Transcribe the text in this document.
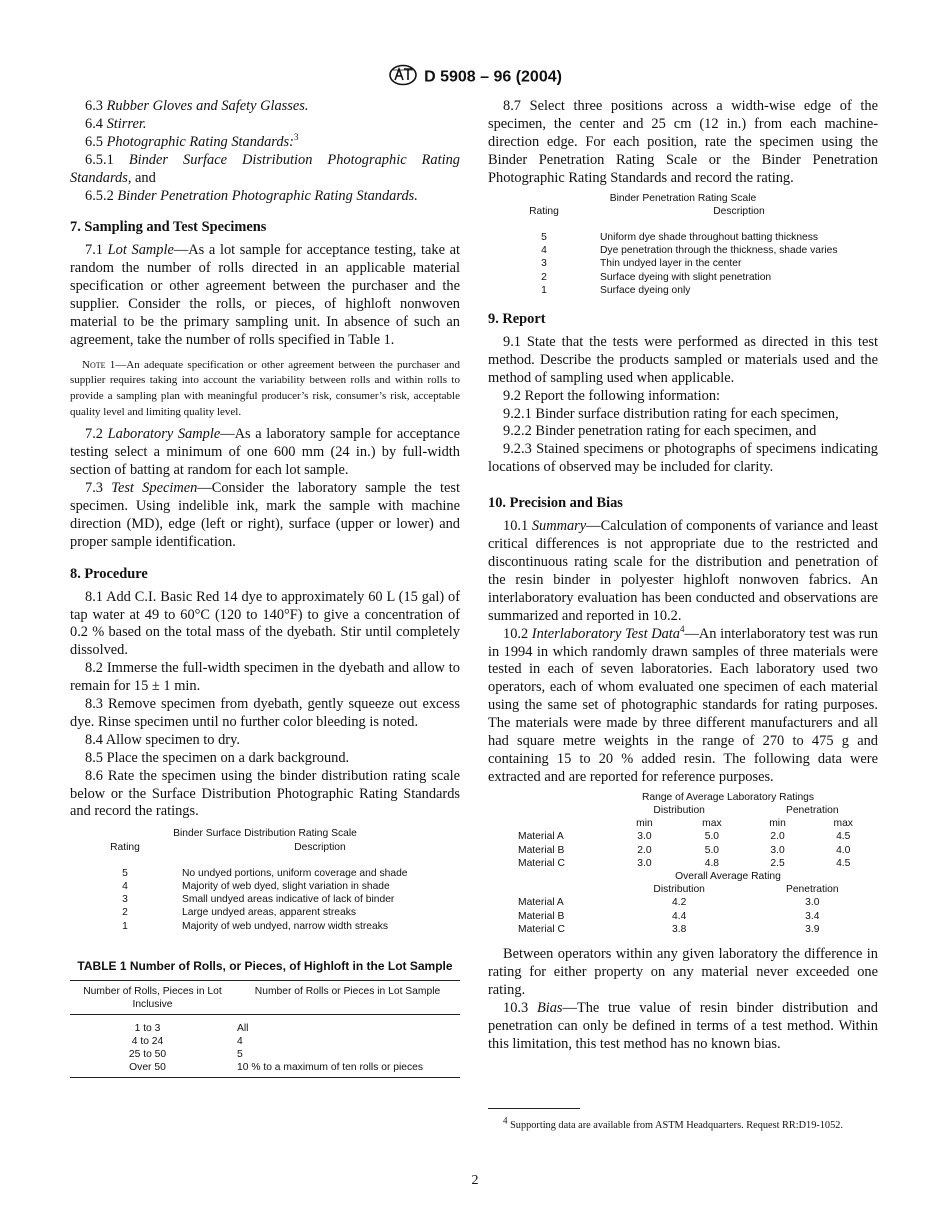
D 5908 – 96 (2004)

6.3 Rubber Gloves and Safety Glasses.

6.4 Stirrer.

6.5 Photographic Rating Standards:$^3$

6.5.1 Binder Surface Distribution Photographic Rating Standards, and

6.5.2 Binder Penetration Photographic Rating Standards.

7. Sampling and Test Specimens

7.1 Lot Sample—As a lot sample for acceptance testing, take at random the number of rolls directed in an applicable material specification or other agreement between the purchaser and the supplier. Consider the rolls, or pieces, of highloft nonwoven material to be the primary sampling unit. In absence of such an agreement, take the number of rolls specified in Table 1.

Note 1—An adequate specification or other agreement between the purchaser and supplier requires taking into account the variability between rolls and within rolls to provide a sampling plan with meaningful producer’s risk, consumer’s risk, acceptable quality level and limiting quality level.

7.2 Laboratory Sample—As a laboratory sample for acceptance testing select a minimum of one 600 mm (24 in.) by full-width section of batting at random for each lot sample.

7.3 Test Specimen—Consider the laboratory sample the test specimen. Using indelible ink, mark the sample with machine direction (MD), edge (left or right), surface (upper or lower) and proper sample identification.

8. Procedure

8.1 Add C.I. Basic Red 14 dye to approximately 60 L (15 gal) of tap water at 49 to 60°C (120 to 140°F) to give a concentration of 0.2 % based on the total mass of the dyebath. Stir until completely dissolved.

8.2 Immerse the full-width specimen in the dyebath and allow to remain for 15 ± 1 min.

8.3 Remove specimen from dyebath, gently squeeze out excess dye. Rinse specimen until no further color bleeding is noted.

8.4 Allow specimen to dry.

8.5 Place the specimen on a dark background.

8.6 Rate the specimen using the binder distribution rating scale below or the Surface Distribution Photographic Rating Standards and record the ratings.

Binder Surface Distribution Rating Scale
Rating	Description
5	No undyed portions, uniform coverage and shade
4	Majority of web dyed, slight variation in shade
3	Small undyed areas indicative of lack of binder
2	Large undyed areas, apparent streaks
1	Majority of web undyed, narrow width streaks
TABLE 1 Number of Rolls, or Pieces, of Highloft in the Lot Sample
Number of Rolls, Pieces in Lot Inclusive	Number of Rolls or Pieces in Lot Sample
1 to 3	All
4 to 24	4
25 to 50	5
Over 50	10 % to a maximum of ten rolls or pieces

8.7 Select three positions across a width-wise edge of the specimen, the center and 25 cm (12 in.) from each machine-direction edge. For each position, rate the specimen using the Binder Penetration Rating Scale or the Binder Penetration Photographic Rating Standards and record the rating.

Binder Penetration Rating Scale
Rating	Description
5	Uniform dye shade throughout batting thickness
4	Dye penetration through the thickness, shade varies
3	Thin undyed layer in the center
2	Surface dyeing with slight penetration
1	Surface dyeing only
9. Report

9.1 State that the tests were performed as directed in this test method. Describe the products sampled or materials used and the method of sampling used when applicable.

9.2 Report the following information:

9.2.1 Binder surface distribution rating for each specimen,

9.2.2 Binder penetration rating for each specimen, and

9.2.3 Stained specimens or photographs of specimens indicating locations of observed may be included for clarity.

10. Precision and Bias

10.1 Summary—Calculation of components of variance and least critical differences is not appropriate due to the restricted and discontinuous rating scale for the distribution and penetration of the resin binder in polyester highloft nonwoven fabrics. An interlaboratory evaluation has been conducted and observations are summarized and reported in 10.2.

10.2 Interlaboratory Test Data$^4$—An interlaboratory test was run in 1994 in which randomly drawn samples of three materials were tested in each of seven laboratories. Each laboratory used two operators, each of whom evaluated one specimen of each material using the same set of photographic standards for rating purposes. The materials were made by three different manufacturers and all had square metre weights in the range of 270 to 475 g and containing 15 to 20 % added resin. The following data were extracted and are reported for reference purposes.

Range of Average Laboratory Ratings				
	Distribution		Penetration	
	min	max	min	max
Material A	3.0	5.0	2.0	4.5
Material B	2.0	5.0	3.0	4.0
Material C	3.0	4.8	2.5	4.5
Overall Average Rating				
	Distribution		Penetration	
Material A	4.2		3.0	
Material B	4.4		3.4	
Material C	3.8		3.9	

Between operators within any given laboratory the difference in rating for either property on any material never exceeded one rating.

10.3 Bias—The true value of resin binder distribution and penetration can only be defined in terms of a test method. Within this limitation, this test method has no known bias.

$^4$ Supporting data are available from ASTM Headquarters. Request RR:D19-1052.
2
